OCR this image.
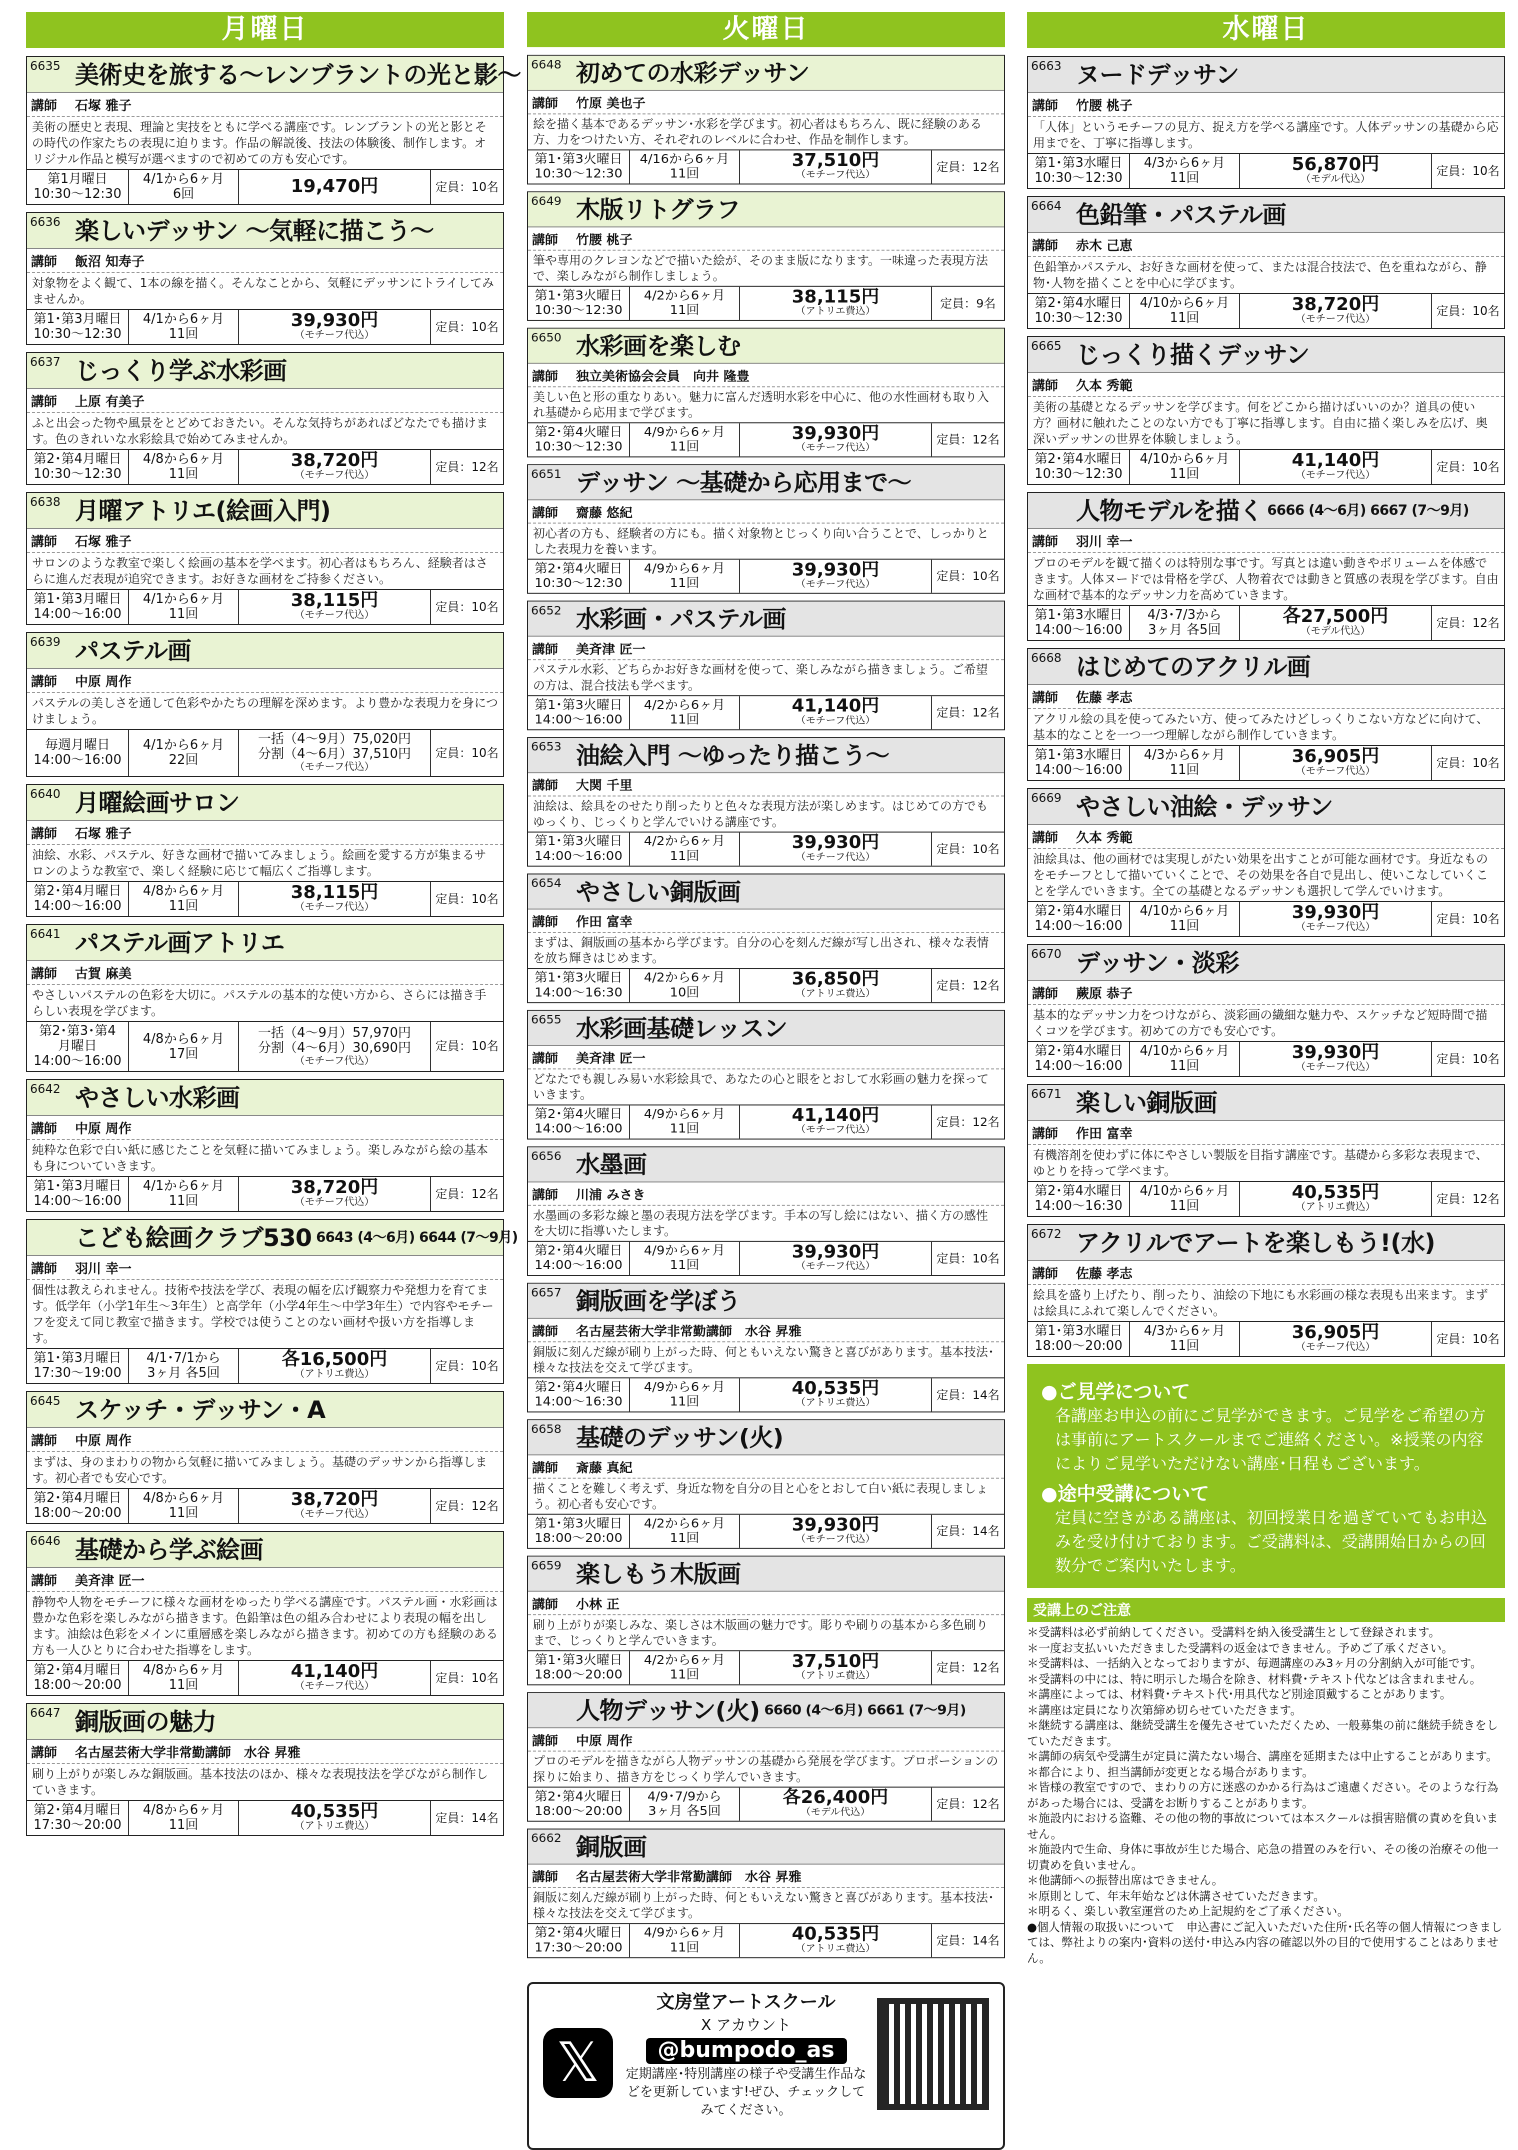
月曜日
6635 美術史を旅する～レンブラントの光と影～
講師 石塚 雅子
美術の歴史と表現、理論と実技をともに学べる講座です。レンブラントの光と影とその時代の作家たちの表現に迫ります。作品の解説後、技法の体験後、制作します。オリジナル作品と模写が選べますので初めての方も安心です。
第1月曜日
10:30～12:30
4/1から6ヶ月
6回	19,470円	定員：10名
6636 楽しいデッサン ～気軽に描こう～
講師 飯沼 知寿子
対象物をよく観て、1本の線を描く。そんなことから、気軽にデッサンにトライしてみませんか。
第1･第3月曜日
10:30～12:30
4/1から6ヶ月
11回
39,930円
（モチーフ代込）
定員：10名
6637 じっくり学ぶ水彩画
講師 上原 有美子
ふと出会った物や風景をとどめておきたい。そんな気持ちがあればどなたでも描けます。色のきれいな水彩絵具で始めてみませんか。
第2･第4月曜日
10:30～12:30
4/8から6ヶ月
11回
38,720円
（モチーフ代込）
定員：12名
6638 月曜アトリエ(絵画入門)
講師 石塚 雅子
サロンのような教室で楽しく絵画の基本を学べます。初心者はもちろん、経験者はさらに進んだ表現が追究できます。お好きな画材をご持参ください。
第1･第3月曜日
14:00～16:00
4/1から6ヶ月
11回
38,115円
（モチーフ代込）
定員：10名
6639 パステル画
講師 中原 周作
パステルの美しさを通して色彩やかたちの理解を深めます。より豊かな表現力を身につけましょう。
毎週月曜日
14:00～16:00
4/1から6ヶ月
22回
一括（4～9月）75,020円
分割（4～6月）37,510円
（モチーフ代込）
定員：10名
6640 月曜絵画サロン
講師 石塚 雅子
油絵、水彩、パステル、好きな画材で描いてみましょう。絵画を愛する方が集まるサロンのような教室で、楽しく経験に応じて幅広くご指導します。
第2･第4月曜日
14:00～16:00
4/8から6ヶ月
11回
38,115円
（モチーフ代込）
定員：10名
6641 パステル画アトリエ
講師 古賀 麻美
やさしいパステルの色彩を大切に。パステルの基本的な使い方から、さらには描き手らしい表現を学びます。
第2･第3･第4
月曜日
14:00～16:00
4/8から6ヶ月
17回
一括（4～9月）57,970円
分割（4～6月）30,690円
（モチーフ代込）
定員：10名
6642 やさしい水彩画
講師 中原 周作
純粋な色彩で白い紙に感じたことを気軽に描いてみましょう。楽しみながら絵の基本も身についていきます。
第1･第3月曜日
14:00～16:00
4/1から6ヶ月
11回
38,720円
（モチーフ代込）
定員：12名
こども絵画クラブ530 $^{6643 (4\sim 6月) 6644 (7\sim 9月)}$
講師 羽川 幸一
個性は教えられません。技術や技法を学び、表現の幅を広げ観察力や発想力を育てます。低学年（小学1年生～3年生）と高学年（小学4年生～中学3年生）で内容やモチーフを変えて同じ教室で描きます。学校では使うことのない画材や扱い方を指導します。
第1･第3月曜日
17:30～19:00
4/1･7/1から
3ヶ月 各5回
各16,500円
（アトリエ費込）
定員：10名
6645 スケッチ・デッサン・A
講師 中原 周作
まずは、身のまわりの物から気軽に描いてみましょう。基礎のデッサンから指導します。初心者でも安心です。
第2･第4月曜日
18:00～20:00
4/8から6ヶ月
11回
38,720円
（モチーフ代込）
定員：12名
6646 基礎から学ぶ絵画
講師 美斉津 匠一
静物や人物をモチーフに様々な画材をゆったり学べる講座です。パステル画・水彩画は豊かな色彩を楽しみながら描きます。色鉛筆は色の組み合わせにより表現の幅を出します。油絵は色彩をメインに重層感を楽しみながら描きます。初めての方も経験のある方も一人ひとりに合わせた指導をします。
第2･第4月曜日
18:00～20:00
4/8から6ヶ月
11回
41,140円
（モチーフ代込）
定員：10名
6647 銅版画の魅力
講師 名古屋芸術大学非常勤講師　水谷 昇雅
刷り上がりが楽しみな銅版画。基本技法のほか、様々な表現技法を学びながら制作していきます。
第2･第4月曜日
17:30～20:00
4/8から6ヶ月
11回
40,535円
（アトリエ費込）
定員：14名
火曜日
6648 初めての水彩デッサン
講師 竹原 美也子
絵を描く基本であるデッサン･水彩を学びます。初心者はもちろん、既に経験のある方、力をつけたい方、それぞれのレベルに合わせ、作品を制作します。
第1･第3火曜日
10:30～12:30
4/16から6ヶ月
11回
37,510円
（モチーフ代込）
定員：12名
6649 木版リトグラフ
講師 竹腰 桃子
筆や専用のクレヨンなどで描いた絵が、そのまま版になります。一味違った表現方法で、楽しみながら制作しましょう。
第1･第3火曜日
10:30～12:30
4/2から6ヶ月
11回
38,115円
（アトリエ費込）
定員：9名
6650 水彩画を楽しむ
講師 独立美術協会会員　向井 隆豊
美しい色と形の重なりあい。魅力に富んだ透明水彩を中心に、他の水性画材も取り入れ基礎から応用まで学びます。
第2･第4火曜日
10:30～12:30
4/9から6ヶ月
11回
39,930円
（モチーフ代込）
定員：12名
6651 デッサン ～基礎から応用まで～
講師 齋藤 悠紀
初心者の方も、経験者の方にも。描く対象物とじっくり向い合うことで、しっかりとした表現力を養います。
第2･第4火曜日
10:30～12:30
4/9から6ヶ月
11回
39,930円
（モチーフ代込）
定員：10名
6652 水彩画・パステル画
講師 美斉津 匠一
パステル水彩、どちらかお好きな画材を使って、楽しみながら描きましょう。ご希望の方は、混合技法も学べます。
第1･第3火曜日
14:00～16:00
4/2から6ヶ月
11回
41,140円
（モチーフ代込）
定員：12名
6653 油絵入門 ～ゆったり描こう～
講師 大関 千里
油絵は、絵具をのせたり削ったりと色々な表現方法が楽しめます。はじめての方でもゆっくり、じっくりと学んでいける講座です。
第1･第3火曜日
14:00～16:00
4/2から6ヶ月
11回
39,930円
（モチーフ代込）
定員：10名
6654 やさしい銅版画
講師 作田 富幸
まずは、銅版画の基本から学びます。自分の心を刻んだ線が写し出され、様々な表情を放ち輝きはじめます。
第1･第3火曜日
14:00～16:30
4/2から6ヶ月
10回
36,850円
（アトリエ費込）
定員：12名
6655 水彩画基礎レッスン
講師 美斉津 匠一
どなたでも親しみ易い水彩絵具で、あなたの心と眼をとおして水彩画の魅力を探っていきます。
第2･第4火曜日
14:00～16:00
4/9から6ヶ月
11回
41,140円
（モチーフ代込）
定員：12名
6656 水墨画
講師 川浦 みさき
水墨画の多彩な線と墨の表現方法を学びます。手本の写し絵にはない、描く方の感性を大切に指導いたします。
第2･第4火曜日
14:00～16:00
4/9から6ヶ月
11回
39,930円
（モチーフ代込）
定員：10名
6657 銅版画を学ぼう
講師 名古屋芸術大学非常勤講師　水谷 昇雅
銅版に刻んだ線が刷り上がった時、何ともいえない驚きと喜びがあります。基本技法･様々な技法を交えて学びます。
第2･第4火曜日
14:00～16:30
4/9から6ヶ月
11回
40,535円
（アトリエ費込）
定員：14名
6658 基礎のデッサン(火)
講師 斎藤 真紀
描くことを難しく考えず、身近な物を自分の目と心をとおして白い紙に表現しましょう。初心者も安心です。
第1･第3火曜日
18:00～20:00
4/2から6ヶ月
11回
39,930円
（モチーフ代込）
定員：14名
6659 楽しもう木版画
講師 小林 正
刷り上がりが楽しみな、楽しさは木版画の魅力です。彫りや刷りの基本から多色刷りまで、じっくりと学んでいきます。
第1･第3火曜日
18:00～20:00
4/2から6ヶ月
11回
37,510円
（アトリエ費込）
定員：12名
人物デッサン(火) $^{6660 (4\sim 6月) 6661 (7\sim 9月)}$
講師 中原 周作
プロのモデルを描きながら人物デッサンの基礎から発展を学びます。プロポーションの探りに始まり、描き方をじっくり学んでいきます。
第2･第4火曜日
18:00～20:00
4/9･7/9から
3ヶ月 各5回
各26,400円
（モデル代込）
定員：12名
6662 銅版画
講師 名古屋芸術大学非常勤講師　水谷 昇雅
銅版に刻んだ線が刷り上がった時、何ともいえない驚きと喜びがあります。基本技法･様々な技法を交えて学びます。
第2･第4火曜日
17:30～20:00
4/9から6ヶ月
11回
40,535円
（アトリエ費込）
定員：14名
水曜日
6663 ヌードデッサン
講師 竹腰 桃子
「人体」というモチーフの見方、捉え方を学べる講座です。人体デッサンの基礎から応用までを、丁寧に指導します。
第1･第3水曜日
10:30～12:30
4/3から6ヶ月
11回
56,870円
（モデル代込）
定員：10名
6664 色鉛筆・パステル画
講師 赤木 己恵
色鉛筆かパステル、お好きな画材を使って、または混合技法で、色を重ねながら、静物･人物を描くことを中心に学びます。
第2･第4水曜日
10:30～12:30
4/10から6ヶ月
11回
38,720円
（モチーフ代込）
定員：10名
6665 じっくり描くデッサン
講師 久本 秀範
美術の基礎となるデッサンを学びます。何をどこから描けばいいのか？道具の使い方？画材に触れたことのない方でも丁寧に指導します。自由に描く楽しみを広げ、奥深いデッサンの世界を体験しましょう。
第2･第4水曜日
10:30～12:30
4/10から6ヶ月
11回
41,140円
（モチーフ代込）
定員：10名
人物モデルを描く $^{6666 (4\sim 6月) 6667 (7\sim 9月)}$
講師 羽川 幸一
プロのモデルを観て描くのは特別な事です。写真とは違い動きやボリュームを体感できます。人体ヌードでは骨格を学び、人物着衣では動きと質感の表現を学びます。自由な画材で基本的なデッサン力を高めていきます。
第1･第3水曜日
14:00～16:00
4/3･7/3から
3ヶ月 各5回
各27,500円
（モデル代込）
定員：12名
6668 はじめてのアクリル画
講師 佐藤 孝志
アクリル絵の具を使ってみたい方、使ってみたけどしっくりこない方などに向けて、基本的なことを一つ一つ理解しながら制作していきます。
第1･第3水曜日
14:00～16:00
4/3から6ヶ月
11回
36,905円
（モチーフ代込）
定員：10名
6669 やさしい油絵・デッサン
講師 久本 秀範
油絵具は、他の画材では実現しがたい効果を出すことが可能な画材です。身近なものをモチーフとして描いていくことで、その効果を各自で見出し、使いこなしていくことを学んでいきます。全ての基礎となるデッサンも選択して学んでいけます。
第2･第4水曜日
14:00～16:00
4/10から6ヶ月
11回
39,930円
（モチーフ代込）
定員：10名
6670 デッサン・淡彩
講師 蕨原 恭子
基本的なデッサン力をつけながら、淡彩画の繊細な魅力や、スケッチなど短時間で描くコツを学びます。初めての方でも安心です。
第2･第4水曜日
14:00～16:00
4/10から6ヶ月
11回
39,930円
（モチーフ代込）
定員：10名
6671 楽しい銅版画
講師 作田 富幸
有機溶剤を使わずに体にやさしい製版を目指す講座です。基礎から多彩な表現まで、ゆとりを持って学べます。
第2･第4水曜日
14:00～16:30
4/10から6ヶ月
11回
40,535円
（アトリエ費込）
定員：12名
6672 アクリルでアートを楽しもう!(水)
講師 佐藤 孝志
絵具を盛り上げたり、削ったり、油絵の下地にも水彩画の様な表現も出来ます。まずは絵具にふれて楽しんでください。
第1･第3水曜日
18:00～20:00
4/3から6ヶ月
11回
36,905円
（モチーフ代込）
定員：10名
●ご見学について

各講座お申込の前にご見学ができます。ご見学をご希望の方は事前にアートスクールまでご連絡ください。※授業の内容によりご見学いただけない講座･日程もございます。

●途中受講について

定員に空きがある講座は、初回授業日を過ぎていてもお申込みを受け付けております。ご受講料は、受講開始日からの回数分でご案内いたします。

受講上のご注意
＊受講料は必ず前納してください。受講料を納入後受講生として登録されます。
＊一度お支払いいただきました受講料の返金はできません。予めご了承ください。
＊受講料は、一括納入となっておりますが、毎週講座のみ3ヶ月の分割納入が可能です。
＊受講料の中には、特に明示した場合を除き、材料費･テキスト代などは含まれません。
＊講座によっては、材料費･テキスト代･用具代など別途頂戴することがあります。
＊講座は定員になり次第締め切らせていただきます。
＊継続する講座は、継続受講生を優先させていただくため、一般募集の前に継続手続きをしていただきます。
＊講師の病気や受講生が定員に満たない場合、講座を延期または中止することがあります。
＊都合により、担当講師が変更となる場合があります。
＊皆様の教室ですので、まわりの方に迷惑のかかる行為はご遠慮ください。そのような行為があった場合には、受講をお断りすることがあります。
＊施設内における盗難、その他の物的事故については本スクールは損害賠償の責めを負いません。
＊施設内で生命、身体に事故が生じた場合、応急の措置のみを行い、その後の治療その他一切責めを負いません。
＊他講師への振替出席はできません。
＊原則として、年末年始などは休講させていただきます。
＊明るく、楽しい教室運営のため上記規約をご了承ください。
●個人情報の取扱いについて　申込書にご記入いただいた住所･氏名等の個人情報につきましては、弊社よりの案内･資料の送付･申込み内容の確認以外の目的で使用することはありません。
𝕏
文房堂アートスクール
X アカウント
@bumpodo_as
定期講座･特別講座の様子や受講生作品などを更新しています!ぜひ、チェックしてみてください。
